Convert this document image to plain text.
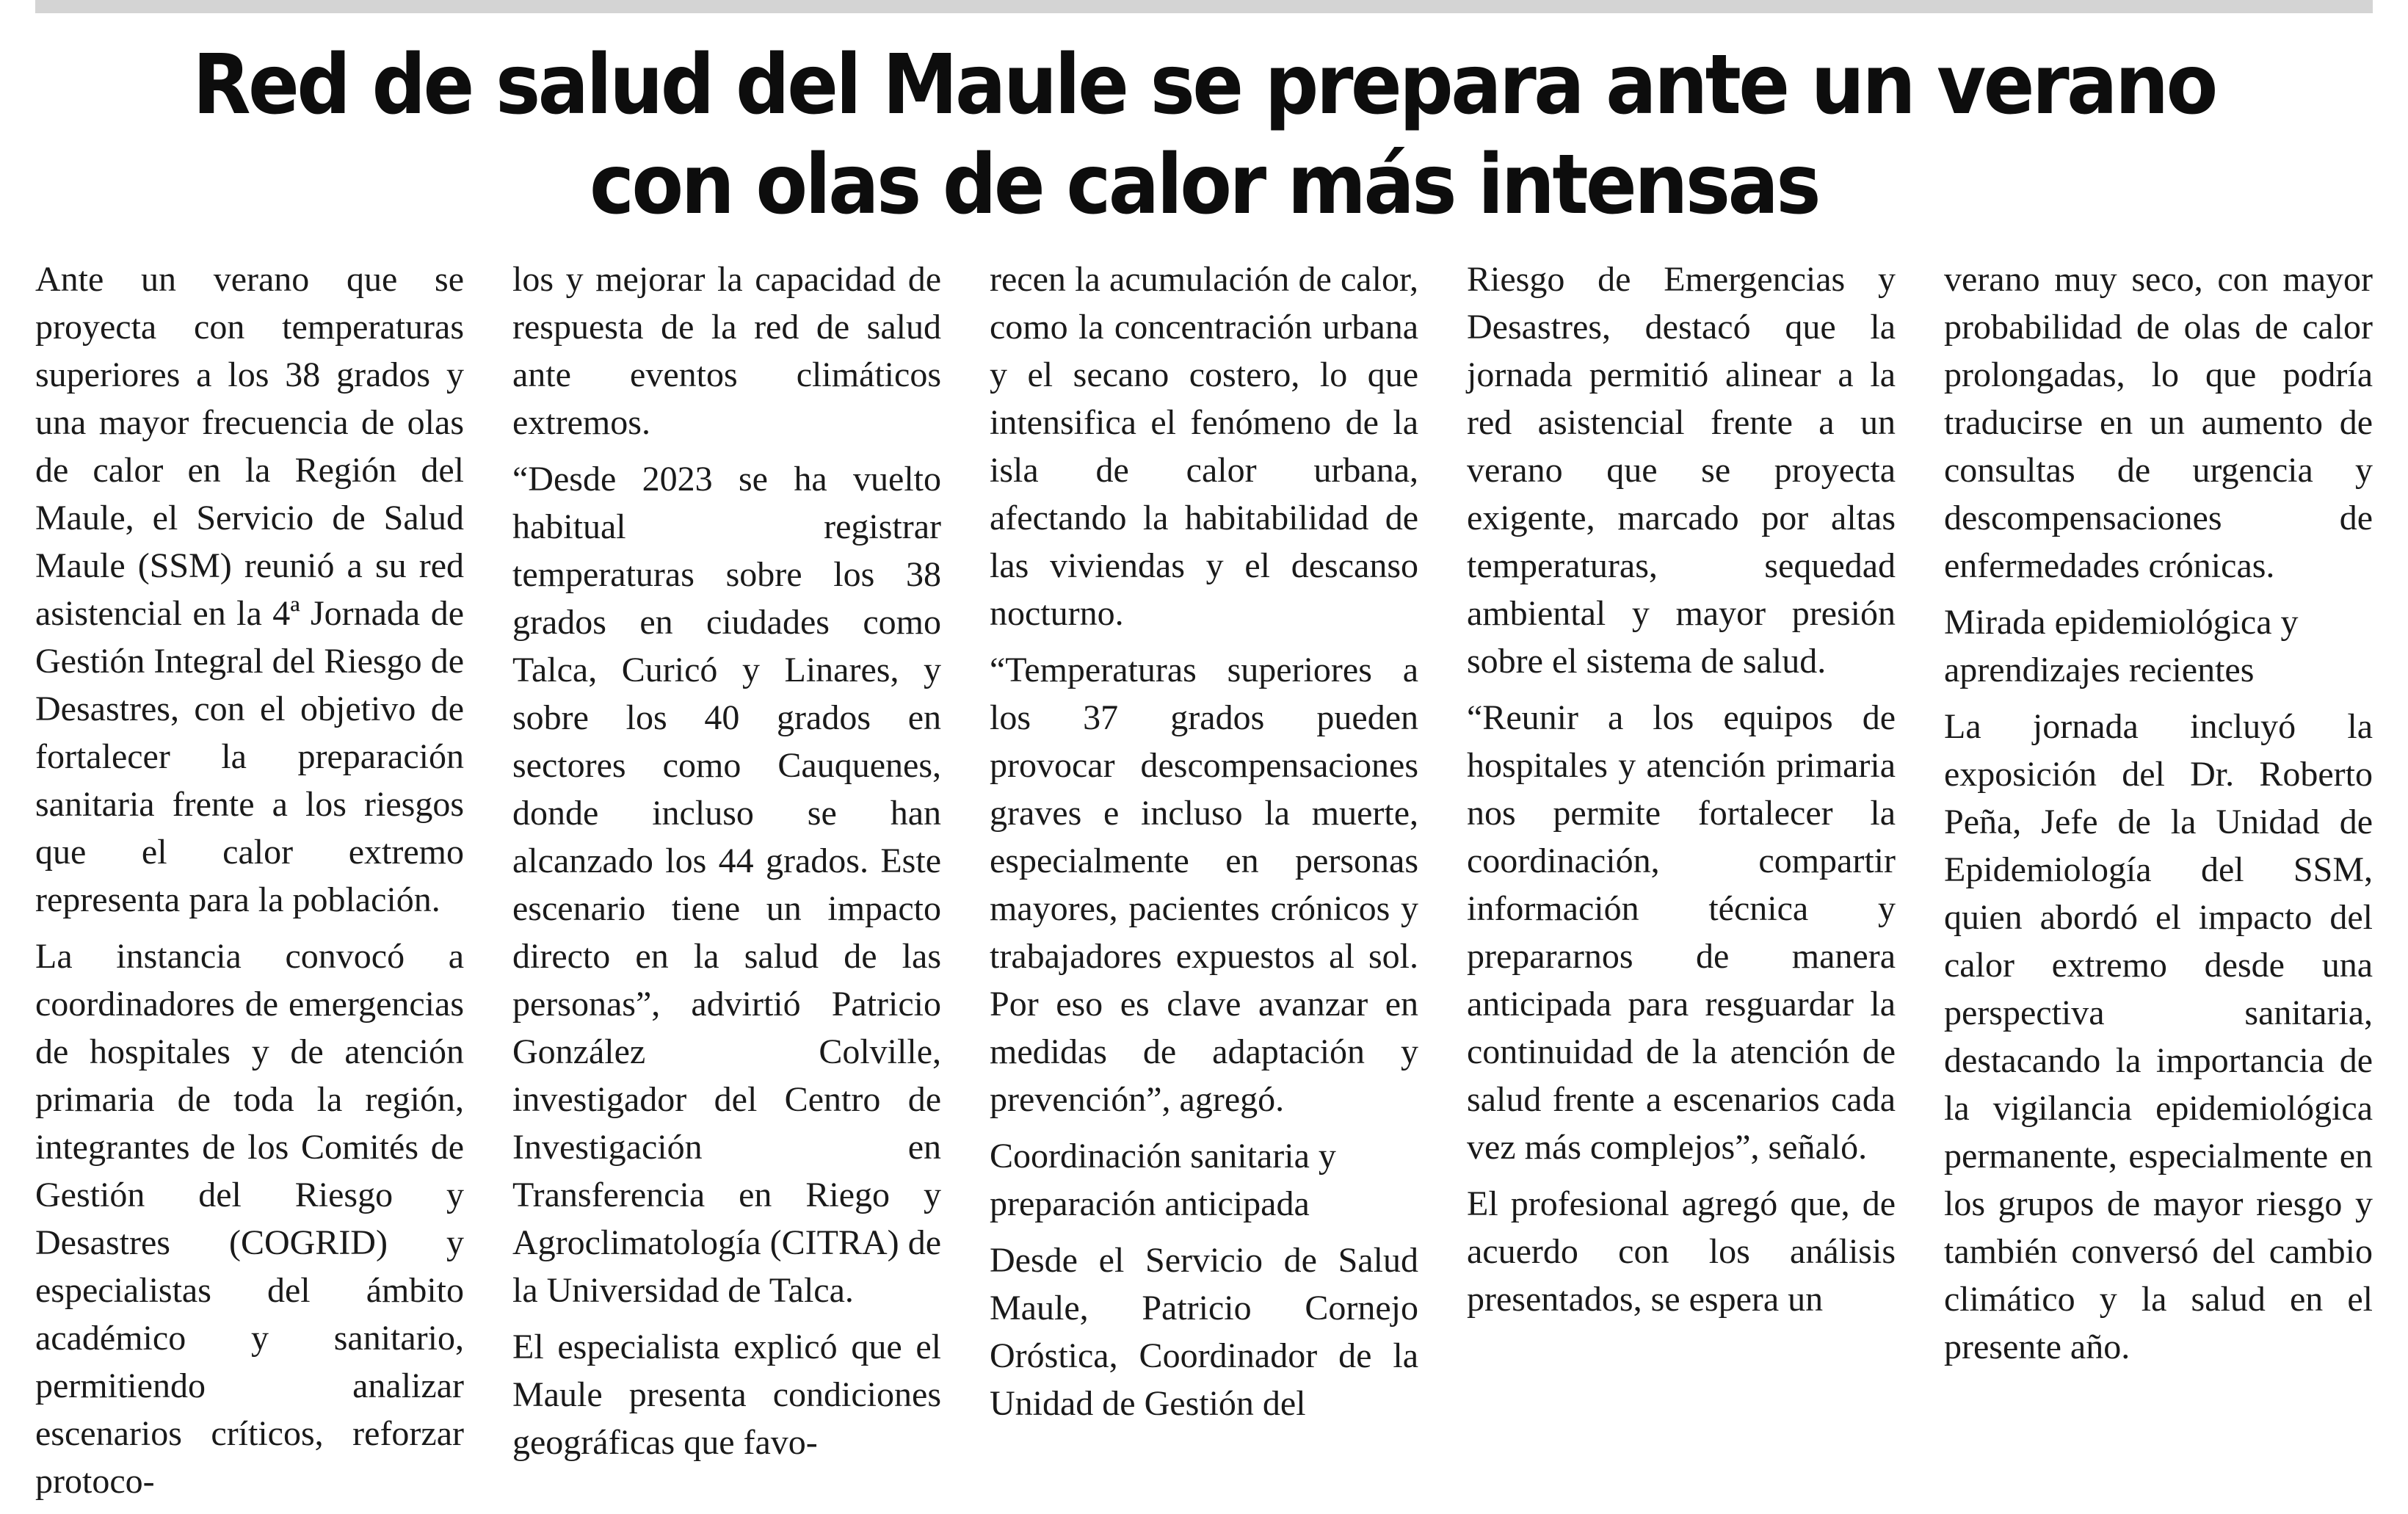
Red de salud del Maule se prepara ante un verano con olas de calor más intensas

Ante un verano que se proyecta con temperaturas superiores a los 38 grados y una mayor frecuencia de olas de calor en la Región del Maule, el Servicio de Salud Maule (SSM) reunió a su red asistencial en la 4ª Jornada de Gestión Integral del Riesgo de Desastres, con el objetivo de fortalecer la preparación sanitaria frente a los riesgos que el calor extremo representa para la población.

La instancia convocó a coordinadores de emergencias de hospitales y de atención primaria de toda la región, integrantes de los Comités de Gestión del Riesgo y Desastres (COGRID) y especialistas del ámbito académico y sanitario, permitiendo analizar escenarios críticos, reforzar protoco-

los y mejorar la capacidad de respuesta de la red de salud ante eventos climáticos extremos.

“Desde 2023 se ha vuelto habitual registrar temperaturas sobre los 38 grados en ciudades como Talca, Curicó y Linares, y sobre los 40 grados en sectores como Cauquenes, donde incluso se han alcanzado los 44 grados. Este escenario tiene un impacto directo en la salud de las personas”, advirtió Patricio González Colville, investigador del Centro de Investigación en Transferencia en Riego y Agroclimatología (CITRA) de la Universidad de Talca.

El especialista explicó que el Maule presenta condiciones geográficas que favo-

recen la acumulación de calor, como la concentración urbana y el secano costero, lo que intensifica el fenómeno de la isla de calor urbana, afectando la habitabilidad de las viviendas y el descanso nocturno.

“Temperaturas superiores a los 37 grados pueden provocar descompensaciones graves e incluso la muerte, especialmente en personas mayores, pacientes crónicos y trabajadores expuestos al sol. Por eso es clave avanzar en medidas de adaptación y prevención”, agregó.

Coordinación sanitaria y preparación anticipada

Desde el Servicio de Salud Maule, Patricio Cornejo Oróstica, Coordinador de la Unidad de Gestión del

Riesgo de Emergencias y Desastres, destacó que la jornada permitió alinear a la red asistencial frente a un verano que se proyecta exigente, marcado por altas temperaturas, sequedad ambiental y mayor presión sobre el sistema de salud.

“Reunir a los equipos de hospitales y atención primaria nos permite fortalecer la coordinación, compartir información técnica y prepararnos de manera anticipada para resguardar la continuidad de la atención de salud frente a escenarios cada vez más complejos”, señaló.

El profesional agregó que, de acuerdo con los análisis presentados, se espera un

verano muy seco, con mayor probabilidad de olas de calor prolongadas, lo que podría traducirse en un aumento de consultas de urgencia y descompensaciones de enfermedades crónicas.

Mirada epidemiológica y aprendizajes recientes

La jornada incluyó la exposición del Dr. Roberto Peña, Jefe de la Unidad de Epidemiología del SSM, quien abordó el impacto del calor extremo desde una perspectiva sanitaria, destacando la importancia de la vigilancia epidemiológica permanente, especialmente en los grupos de mayor riesgo y también conversó del cambio climático y la salud en el presente año.
